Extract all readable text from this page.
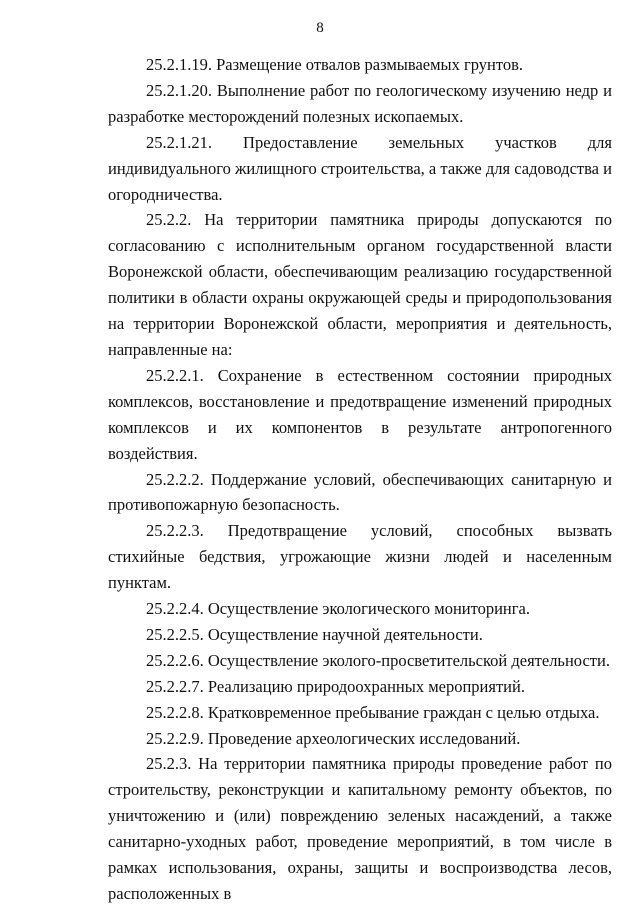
8

25.2.1.19. Размещение отвалов размываемых грунтов.

25.2.1.20. Выполнение работ по геологическому изучению недр и разработке месторождений полезных ископаемых.

25.2.1.21. Предоставление земельных участков для индивидуального жилищного строительства, а также для садоводства и огородничества.

25.2.2. На территории памятника природы допускаются по согласованию с исполнительным органом государственной власти Воронежской области, обеспечивающим реализацию государственной политики в области охраны окружающей среды и природопользования на территории Воронежской области, мероприятия и деятельность, направленные на:

25.2.2.1. Сохранение в естественном состоянии природных комплексов, восстановление и предотвращение изменений природных комплексов и их компонентов в результате антропогенного воздействия.

25.2.2.2. Поддержание условий, обеспечивающих санитарную и противопожарную безопасность.

25.2.2.3. Предотвращение условий, способных вызвать стихийные бедствия, угрожающие жизни людей и населенным пунктам.

25.2.2.4. Осуществление экологического мониторинга.

25.2.2.5. Осуществление научной деятельности.

25.2.2.6. Осуществление эколого-просветительской деятельности.

25.2.2.7. Реализацию природоохранных мероприятий.

25.2.2.8. Кратковременное пребывание граждан с целью отдыха.

25.2.2.9. Проведение археологических исследований.

25.2.3. На территории памятника природы проведение работ по строительству, реконструкции и капитальному ремонту объектов, по уничтожению и (или) повреждению зеленых насаждений, а также санитарно-уходных работ, проведение мероприятий, в том числе в рамках использования, охраны, защиты и воспроизводства лесов, расположенных в
